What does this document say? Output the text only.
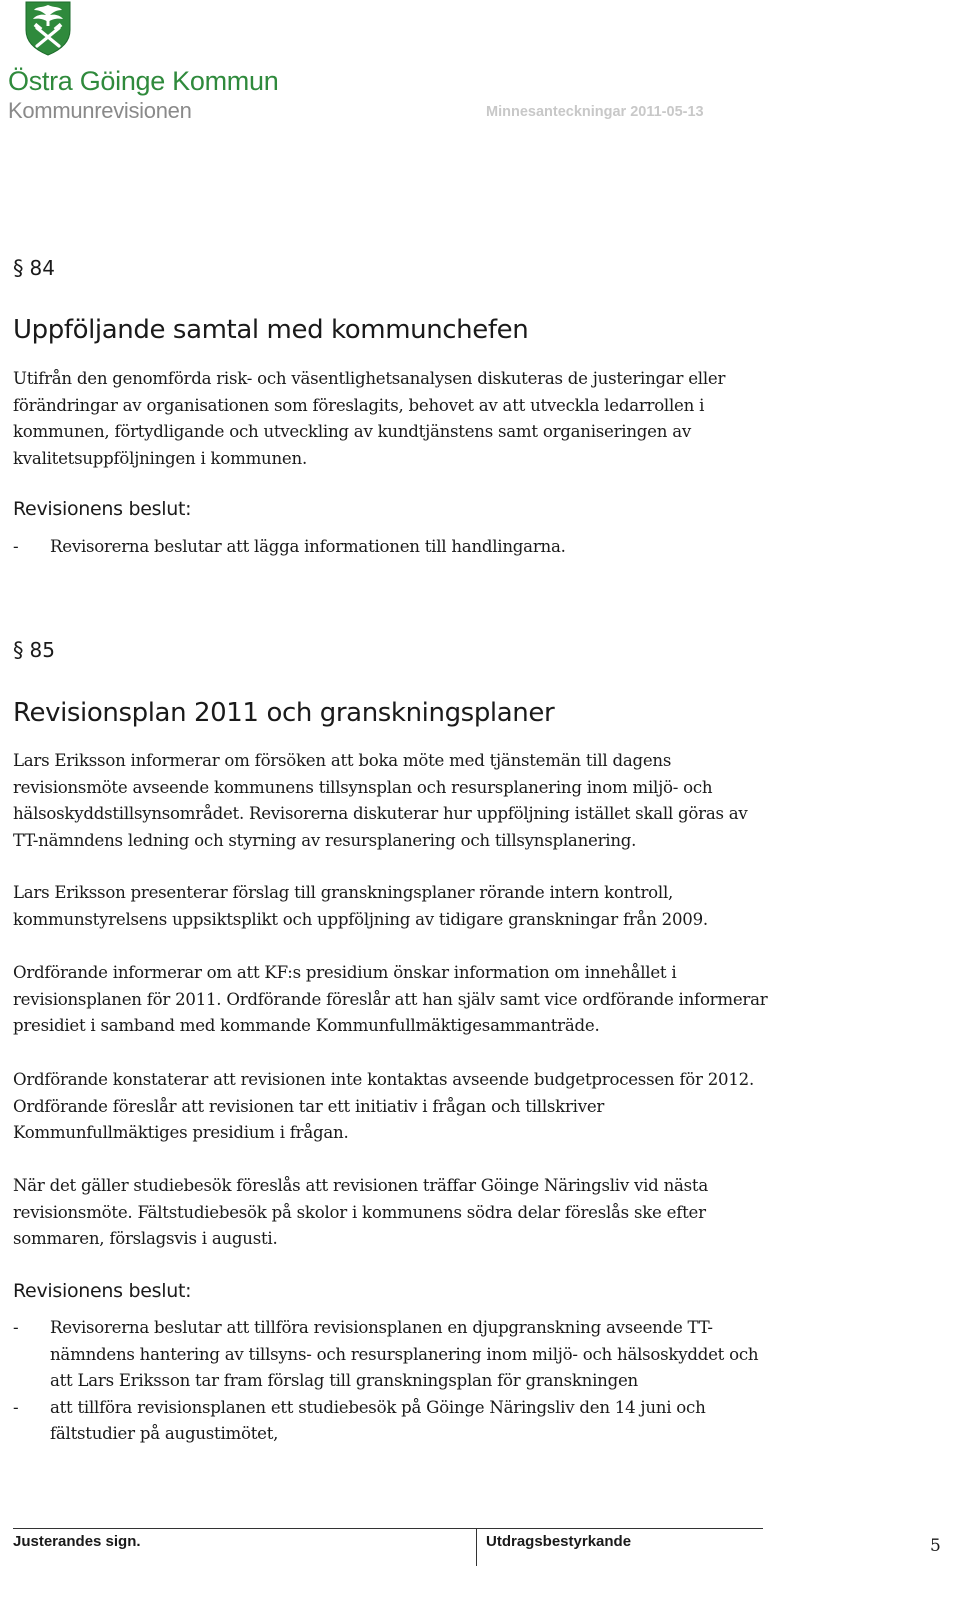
Östra Göinge Kommun
Kommunrevisionen	Minnesanteckningar 2011-05-13
§ 84
Uppföljande samtal med kommunchefen

Utifrån den genomförda risk- och väsentlighetsanalysen diskuteras de justeringar eller förändringar av organisationen som föreslagits, behovet av att utveckla ledarrollen i kommunen, förtydligande och utveckling av kundtjänstens samt organiseringen av kvalitetsuppföljningen i kommunen.

Revisionens beslut:
- Revisorerna beslutar att lägga informationen till handlingarna.
§ 85
Revisionsplan 2011 och granskningsplaner

Lars Eriksson informerar om försöken att boka möte med tjänstemän till dagens revisionsmöte avseende kommunens tillsynsplan och resursplanering inom miljö- och hälsoskyddstillsynsområdet. Revisorerna diskuterar hur uppföljning istället skall göras av TT-nämndens ledning och styrning av resursplanering och tillsynsplanering.

Lars Eriksson presenterar förslag till granskningsplaner rörande intern kontroll, kommunstyrelsens uppsiktsplikt och uppföljning av tidigare granskningar från 2009.

Ordförande informerar om att KF:s presidium önskar information om innehållet i revisionsplanen för 2011. Ordförande föreslår att han själv samt vice ordförande informerar presidiet i samband med kommande Kommunfullmäktigesammanträde.

Ordförande konstaterar att revisionen inte kontaktas avseende budgetprocessen för 2012. Ordförande föreslår att revisionen tar ett initiativ i frågan och tillskriver Kommunfullmäktiges presidium i frågan.

När det gäller studiebesök föreslås att revisionen träffar Göinge Näringsliv vid nästa revisionsmöte. Fältstudiebesök på skolor i kommunens södra delar föreslås ske efter sommaren, förslagsvis i augusti.

Revisionens beslut:
- Revisorerna beslutar att tillföra revisionsplanen en djupgranskning avseende TT-nämndens hantering av tillsyns- och resursplanering inom miljö- och hälsoskyddet och att Lars Eriksson tar fram förslag till granskningsplan för granskningen
- att tillföra revisionsplanen ett studiebesök på Göinge Näringsliv den 14 juni och fältstudier på augustimötet,
Justerandes sign.	Utdragsbestyrkande	5
